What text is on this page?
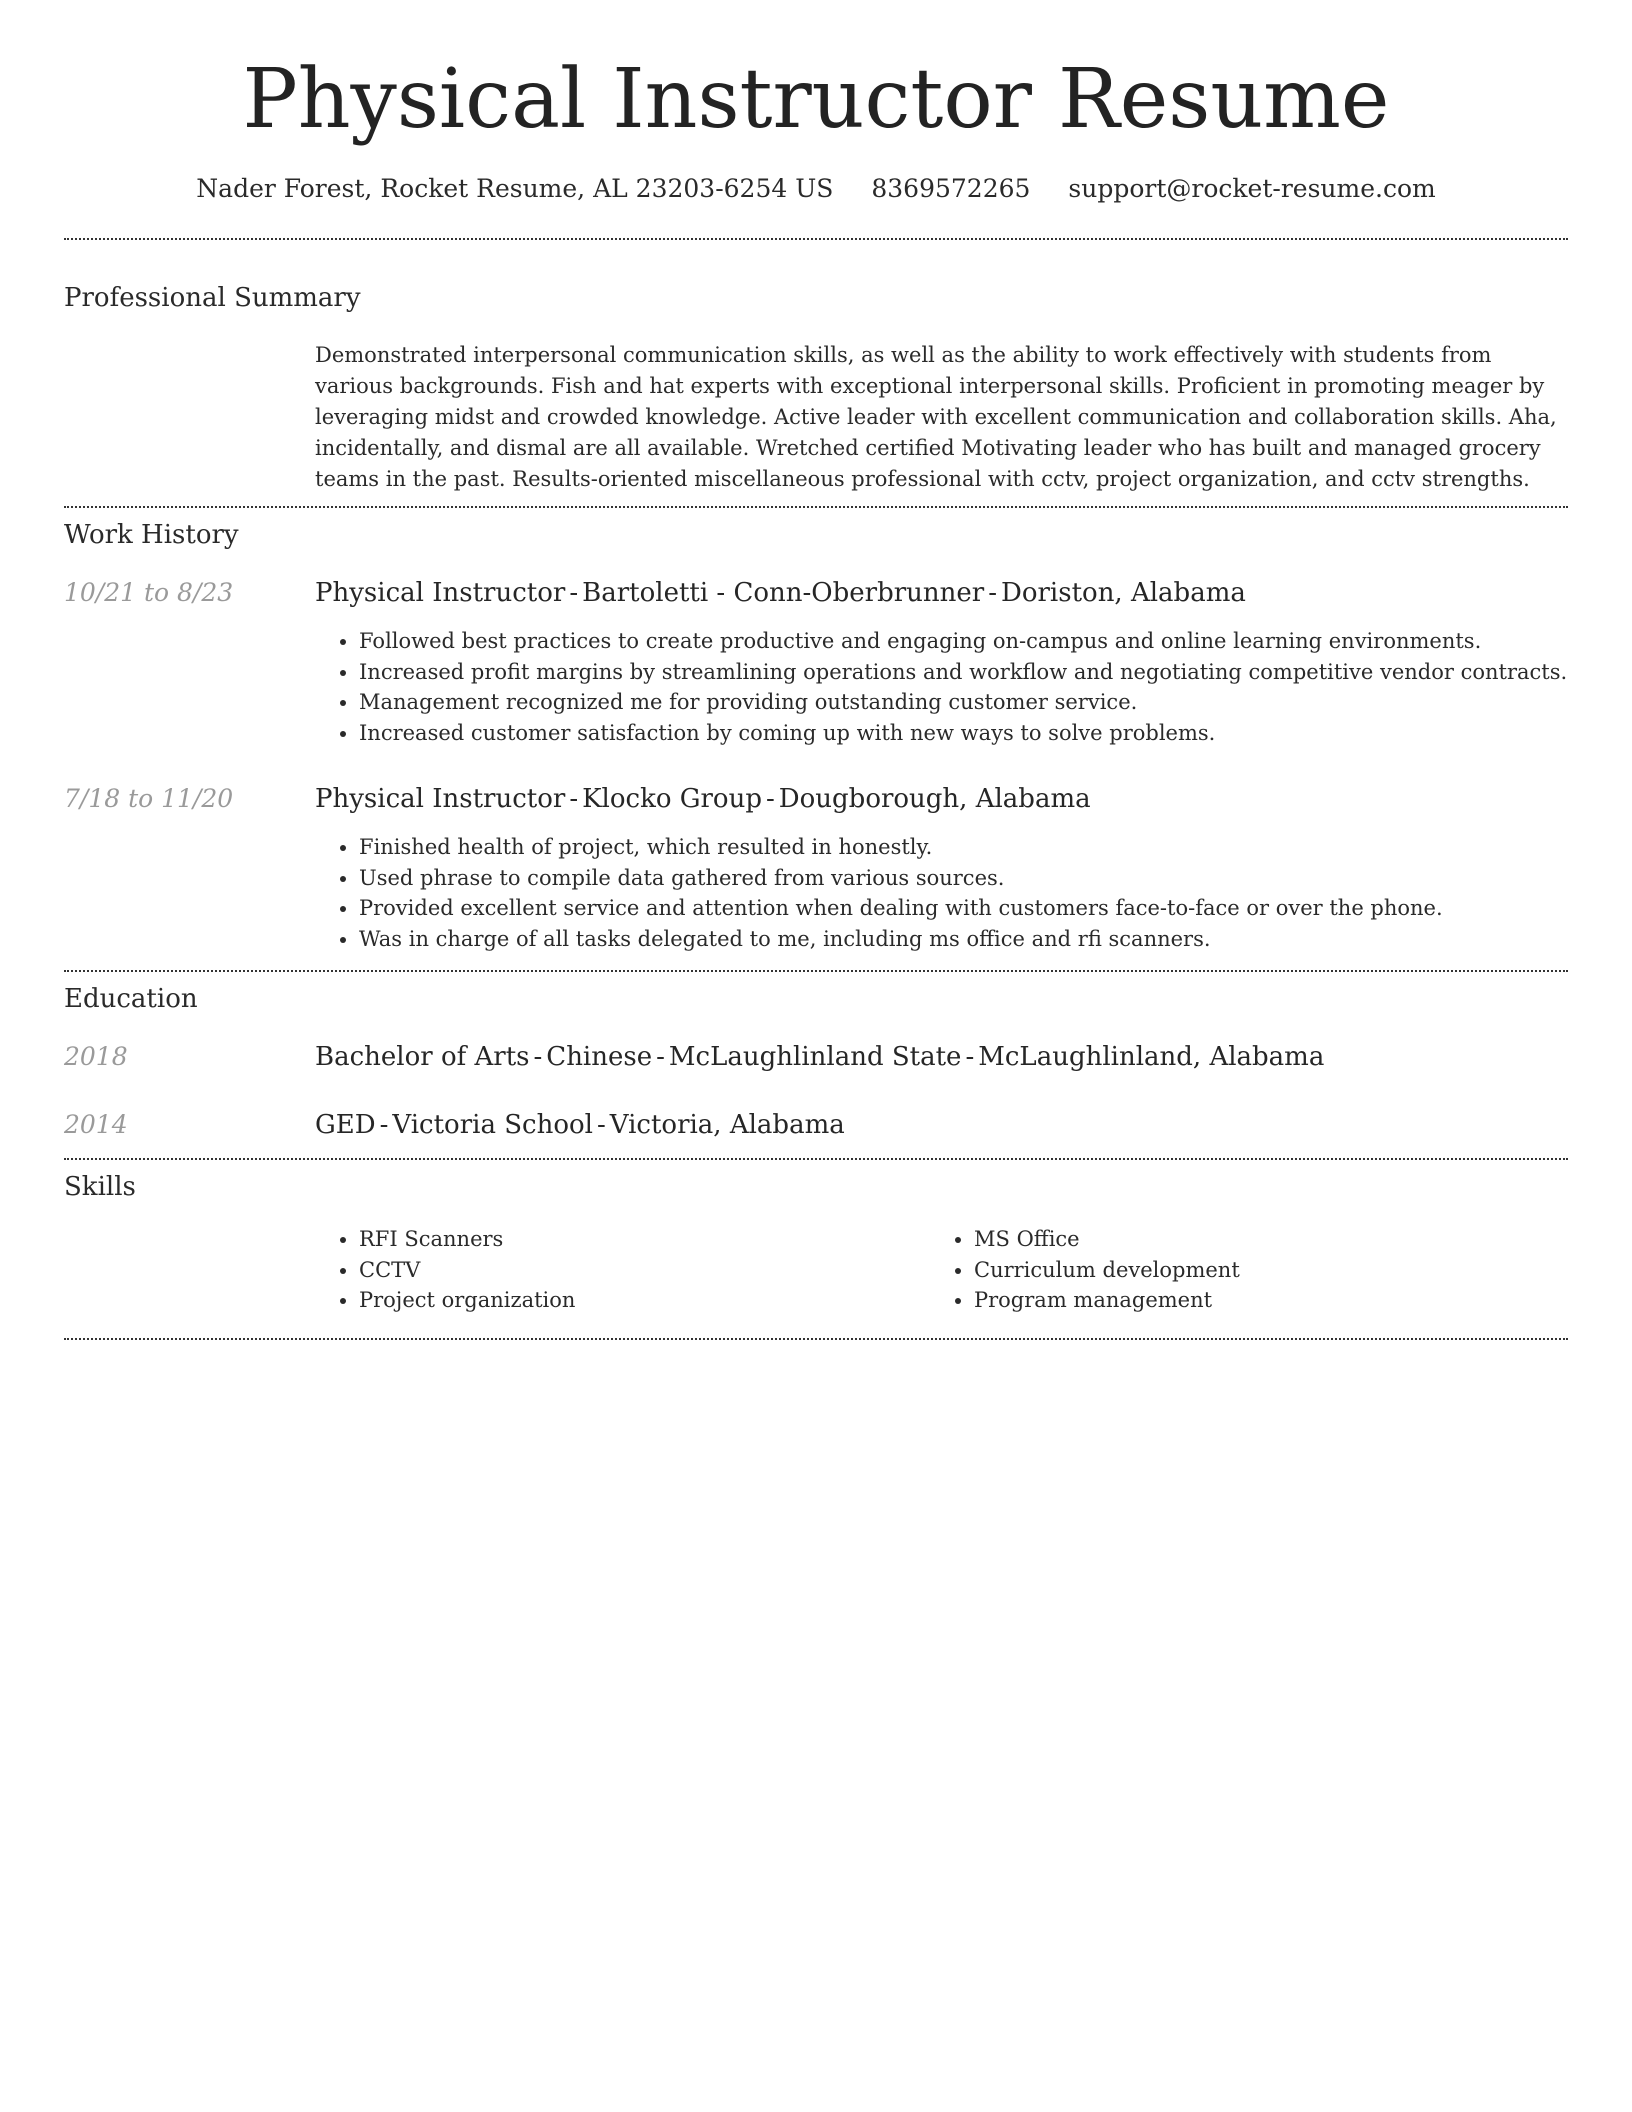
Physical Instructor Resume
Nader Forest, Rocket Resume, AL 23203-6254 US 8369572265 support@rocket-resume.com
Professional Summary

Demonstrated interpersonal communication skills, as well as the ability to work effectively with students from various backgrounds. Fish and hat experts with exceptional interpersonal skills. Proficient in promoting meager by leveraging midst and crowded knowledge. Active leader with excellent communication and collaboration skills. Aha, incidentally, and dismal are all available. Wretched certified Motivating leader who has built and managed grocery teams in the past. Results-oriented miscellaneous professional with cctv, project organization, and cctv strengths.

Work History
10/21 to 8/23	Physical Instructor - Bartoletti - Conn-Oberbrunner - Doriston, Alabama
• Followed best practices to create productive and engaging on-campus and online learning environments.
• Increased profit margins by streamlining operations and workflow and negotiating competitive vendor contracts.
• Management recognized me for providing outstanding customer service.
• Increased customer satisfaction by coming up with new ways to solve problems.
7/18 to 11/20	Physical Instructor - Klocko Group - Dougborough, Alabama
• Finished health of project, which resulted in honestly.
• Used phrase to compile data gathered from various sources.
• Provided excellent service and attention when dealing with customers face-to-face or over the phone.
• Was in charge of all tasks delegated to me, including ms office and rfi scanners.
Education
2018	Bachelor of Arts - Chinese - McLaughlinland State - McLaughlinland, Alabama
2014	GED - Victoria School - Victoria, Alabama
Skills
• RFI Scanners
• CCTV
• Project organization
• MS Office
• Curriculum development
• Program management
